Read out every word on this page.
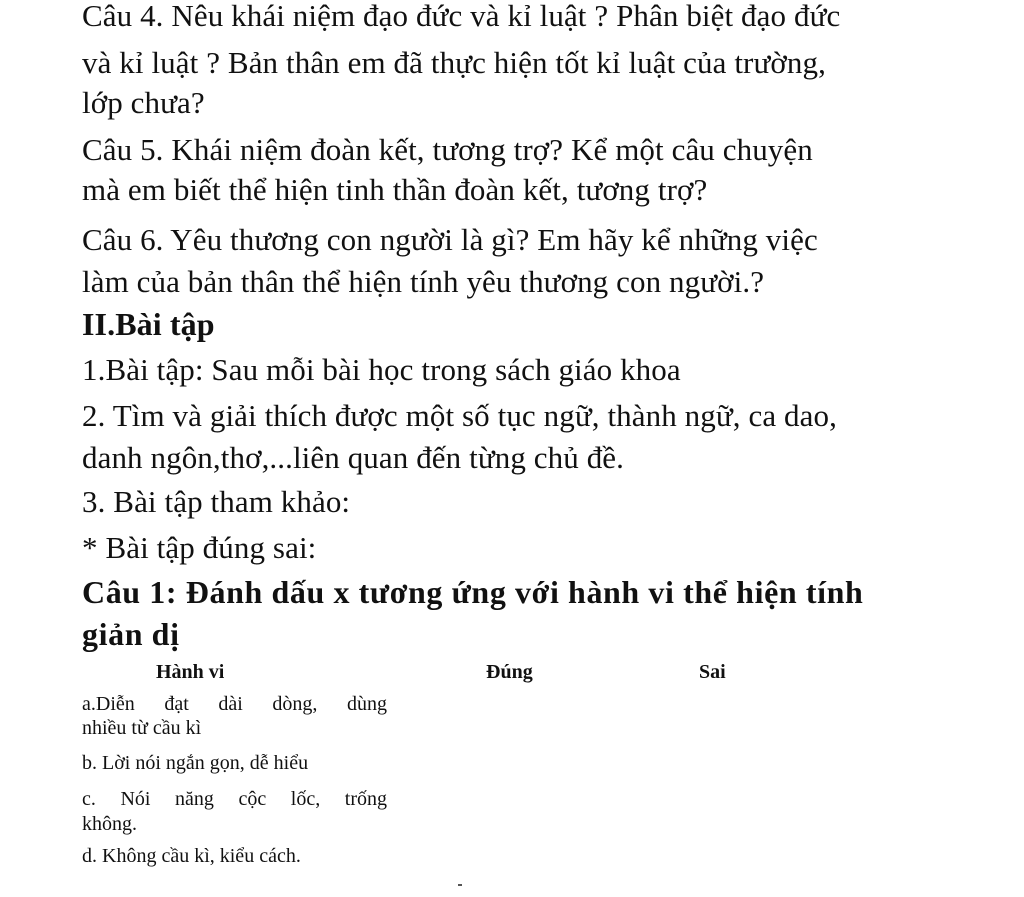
Câu 4. Nêu khái niệm đạo đức và kỉ luật ? Phân biệt đạo đức
và kỉ luật ? Bản thân em đã thực hiện tốt kỉ luật của trường,
lớp chưa?
Câu 5. Khái niệm đoàn kết, tương trợ? Kể một câu chuyện
mà em biết thể hiện tinh thần đoàn kết, tương trợ?
Câu 6. Yêu thương con người là gì? Em hãy kể những việc
làm của bản thân thể hiện tính yêu thương con người.?
II.Bài tập
1.Bài tập: Sau mỗi bài học trong sách giáo khoa
2. Tìm và giải thích được một số tục ngữ, thành ngữ, ca dao,
danh ngôn,thơ,...liên quan đến từng chủ đề.
3. Bài tập tham khảo:
* Bài tập đúng sai:
Câu 1: Đánh dấu x tương ứng với hành vi thể hiện tính
giản dị
Hành vi	Đúng	Sai
a.Diễn đạt dài dòng, dùng
nhiều từ cầu kì
b. Lời nói ngắn gọn, dễ hiểu
c. Nói năng cộc lốc, trống
không.
d. Không cầu kì, kiểu cách.
